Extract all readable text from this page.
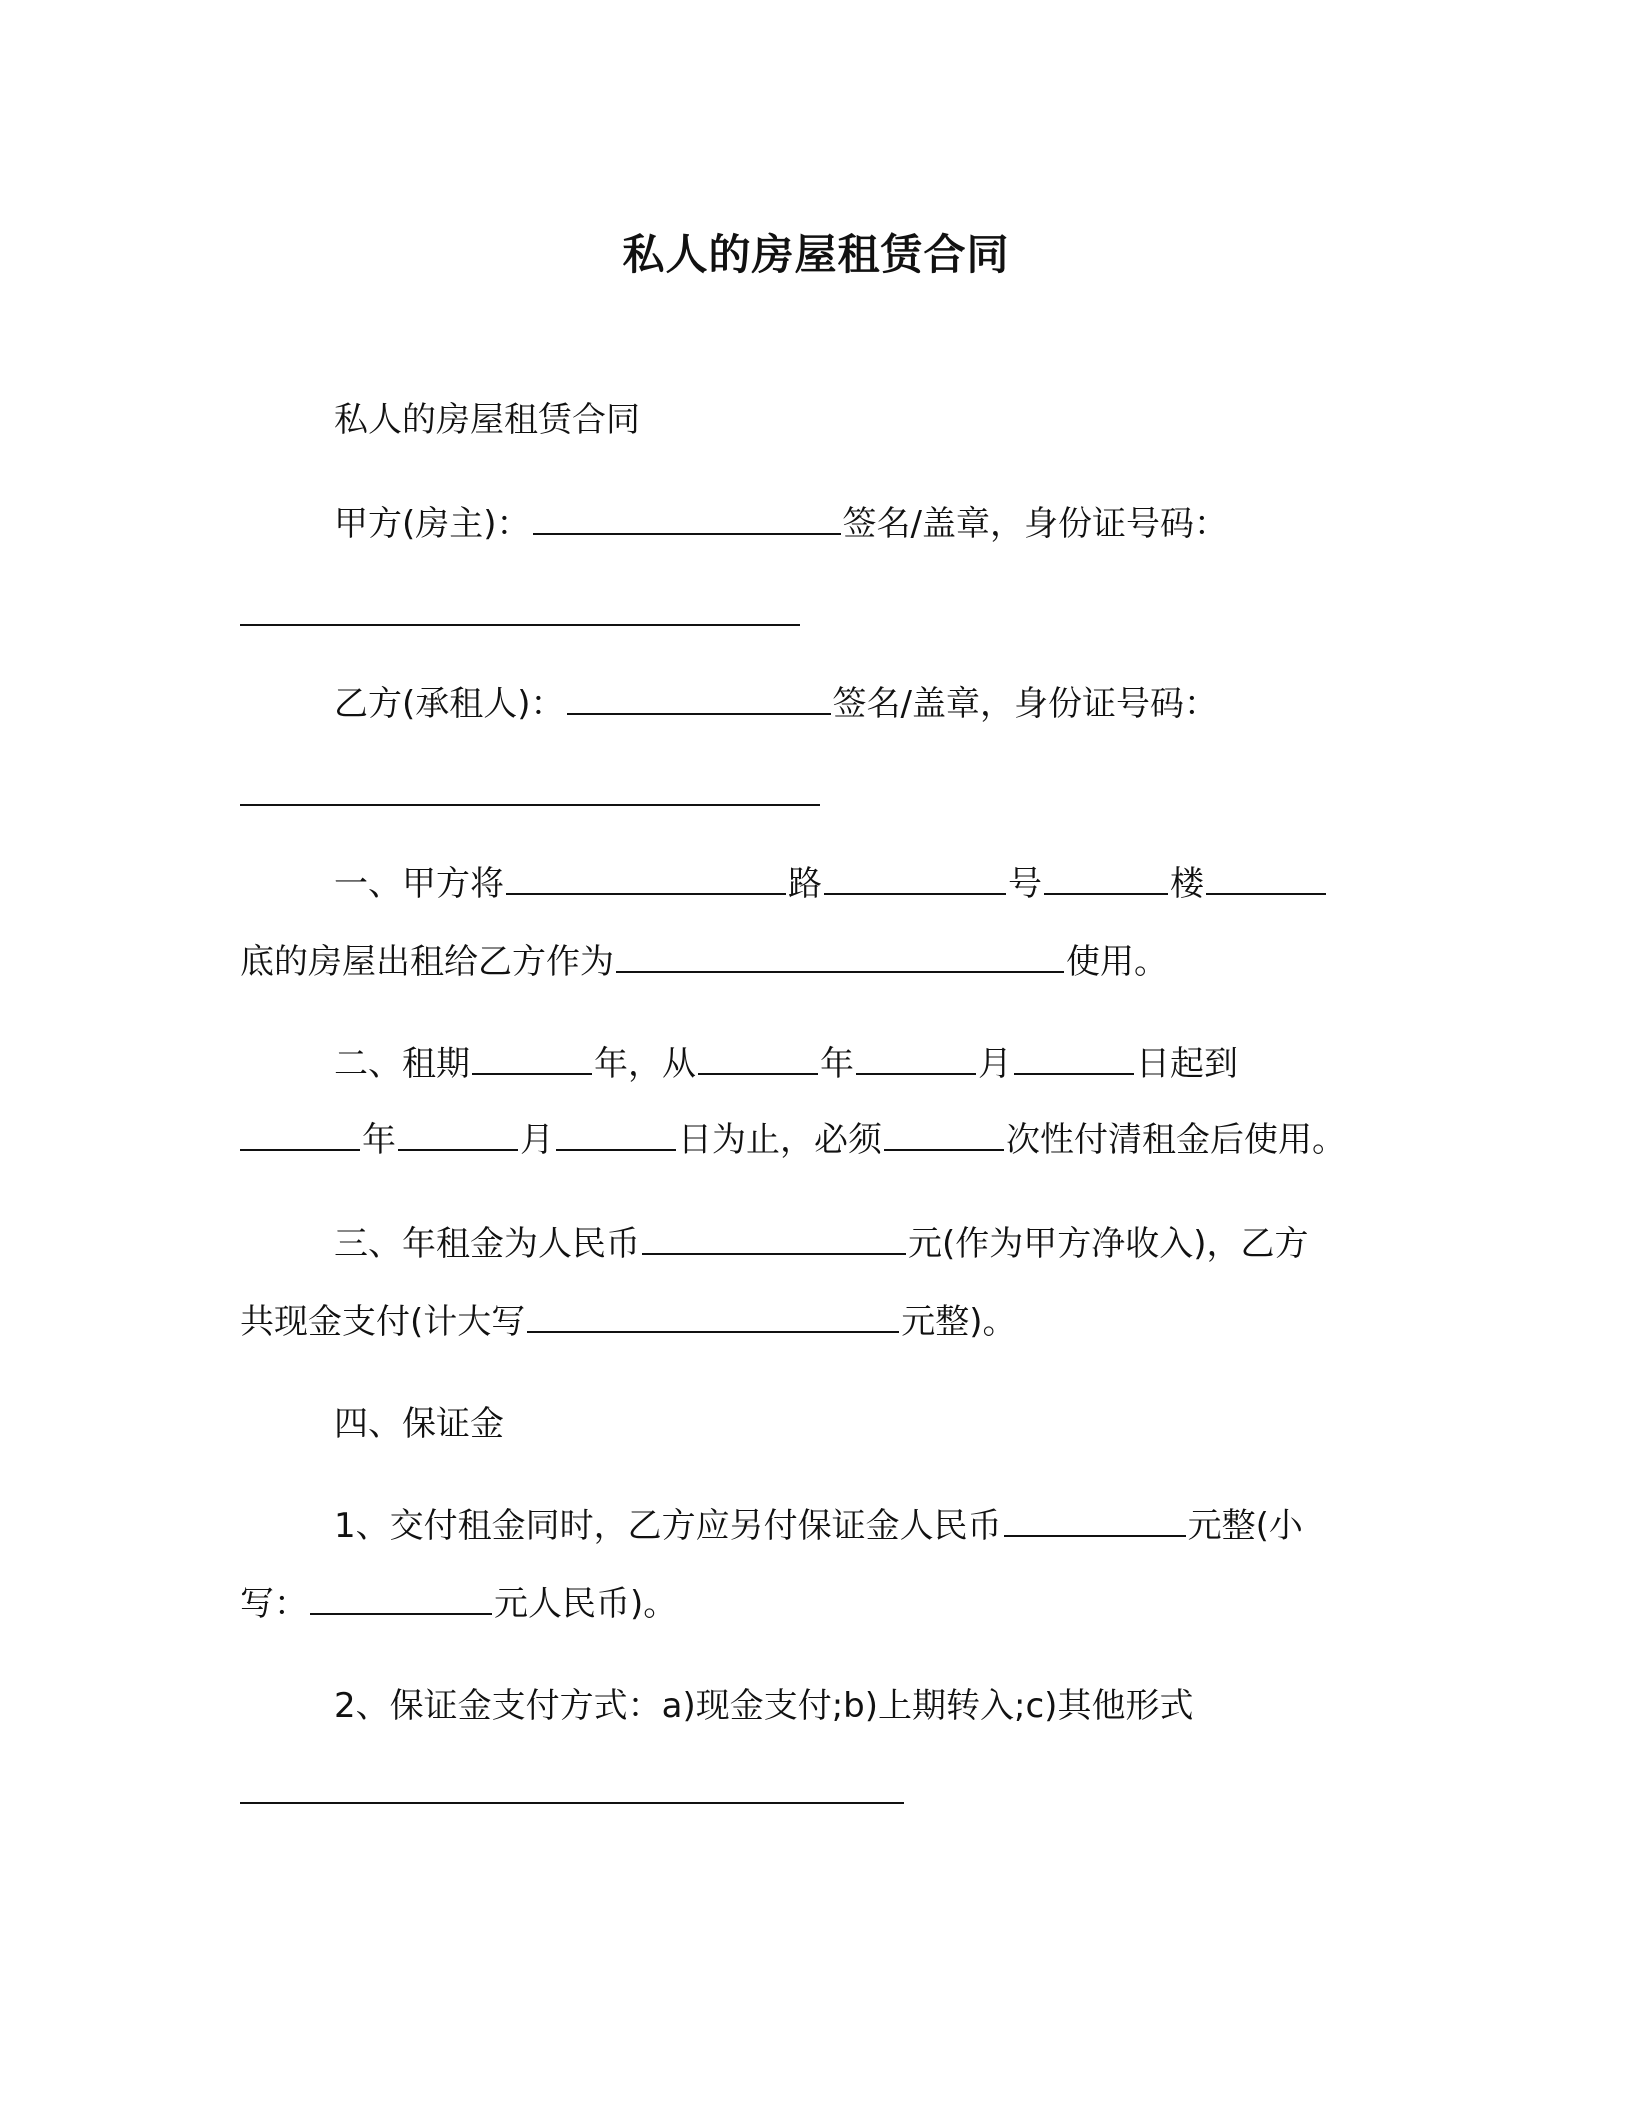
私人的房屋租赁合同
私人的房屋租赁合同
甲方(房主)：	签名/盖章，身份证号码：
乙方(承租人)：	签名/盖章，身份证号码：
一、甲方将	路	号	楼
底的房屋出租给乙方作为	使用。
二、租期	年，从	年	月	日起到
年	月	日为止，必须	次性付清租金后使用。
三、年租金为人民币	元(作为甲方净收入)，乙方
共现金支付(计大写	元整)。
四、保证金
1、交付租金同时，乙方应另付保证金人民币	元整(小
写：	元人民币)。
2、保证金支付方式：a)现金支付;b)上期转入;c)其他形式
